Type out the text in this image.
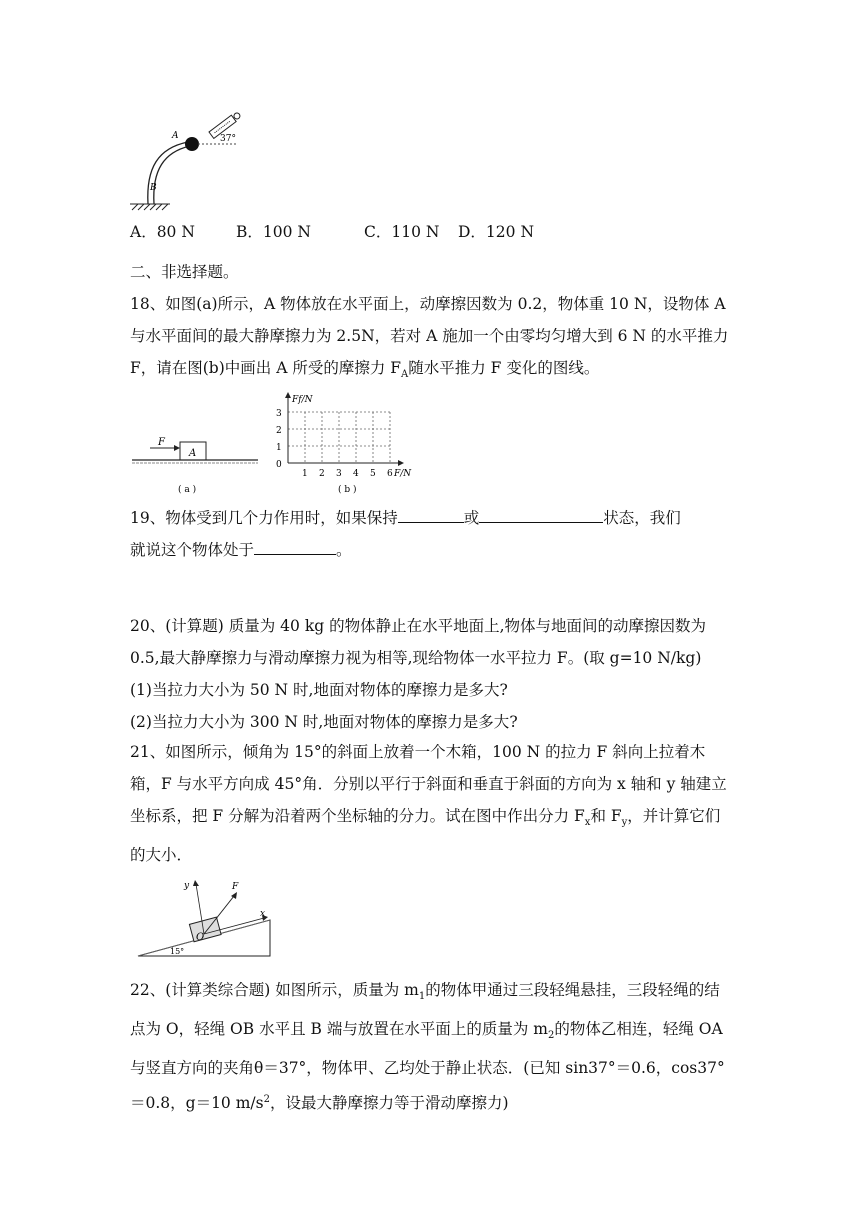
A
B
37°
A．80 N	B．100 N	C．110 N D．120 N
二、非选择题。
18、如图(a)所示，A 物体放在水平面上，动摩擦因数为 0.2，物体重 10 N，设物体 A 与水平面间的最大静摩擦力为 2.5N，若对 A 施加一个由零均匀增大到 6 N 的水平推力 F，请在图(b)中画出 A 所受的摩擦力 $F_A$随水平推力 F 变化的图线。
F
A
( a )
Ff/N
F/N
0
1
2
3
1 2 3 4 5 6
( b )
19、物体受到几个力作用时，如果保持	或	状态，我们
就说这个物体处于	。
20、(计算题) 质量为 40 kg 的物体静止在水平地面上,物体与地面间的动摩擦因数为 0.5,最大静摩擦力与滑动摩擦力视为相等,现给物体一水平拉力 F。(取 g=10 N/kg)
(1)当拉力大小为 50 N 时,地面对物体的摩擦力是多大?
(2)当拉力大小为 300 N 时,地面对物体的摩擦力是多大?
21、如图所示，倾角为 15°的斜面上放着一个木箱，100 N 的拉力 F 斜向上拉着木箱，F 与水平方向成 45°角．分别以平行于斜面和垂直于斜面的方向为 x 轴和 y 轴建立坐标系，把 F 分解为沿着两个坐标轴的分力。试在图中作出分力 $F_x$和 $F_y$，并计算它们的大小．
y	F
x
O
15°
22、(计算类综合题) 如图所示，质量为 $m_1$的物体甲通过三段轻绳悬挂，三段轻绳的结点为 O，轻绳 OB 水平且 B 端与放置在水平面上的质量为 $m_2$的物体乙相连，轻绳 OA 与竖直方向的夹角θ＝37°，物体甲、乙均处于静止状态．(已知 sin37°＝0.6，cos37°＝0.8，g＝10 $m/s^2$，设最大静摩擦力等于滑动摩擦力)
